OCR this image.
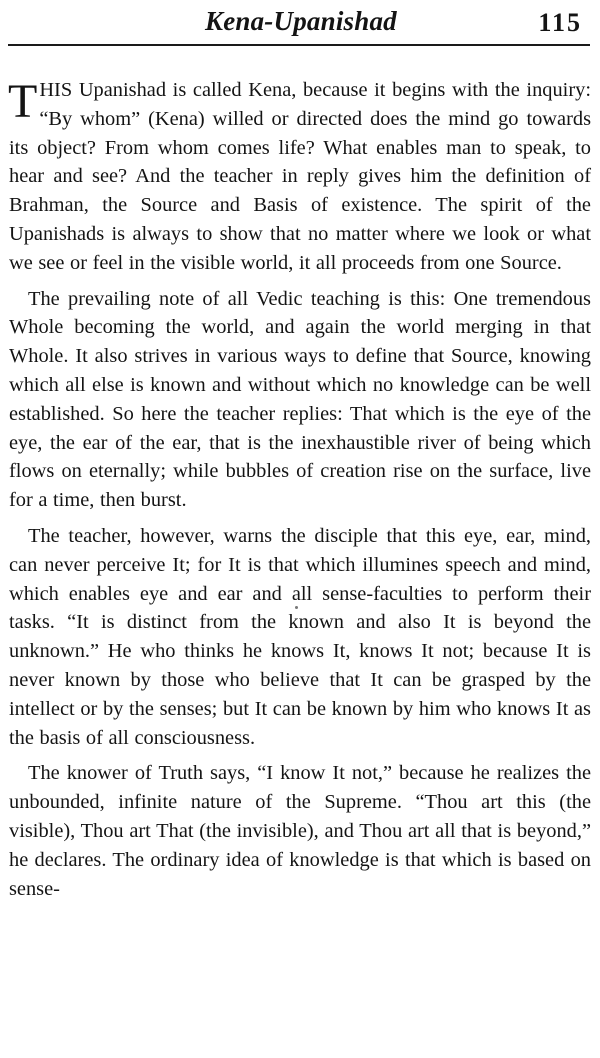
Kena-Upanishad	115

THIS Upanishad is called Kena, because it begins with the inquiry: “By whom” (Kena) willed or directed does the mind go towards its object? From whom comes life? What enables man to speak, to hear and see? And the teacher in reply gives him the definition of Brahman, the Source and Basis of existence. The spirit of the Upanishads is always to show that no matter where we look or what we see or feel in the visible world, it all proceeds from one Source.

The prevailing note of all Vedic teaching is this: One tremendous Whole becoming the world, and again the world merging in that Whole. It also strives in various ways to define that Source, knowing which all else is known and without which no knowledge can be well established. So here the teacher replies: That which is the eye of the eye, the ear of the ear, that is the inexhaustible river of being which flows on eternally; while bubbles of creation rise on the surface, live for a time, then burst.

The teacher, however, warns the disciple that this eye, ear, mind, can never perceive It; for It is that which illumines speech and mind, which enables eye and ear and all sense-faculties to perform their tasks. “It is distinct from the known and also It is beyond the unknown.” He who thinks he knows It, knows It not; because It is never known by those who believe that It can be grasped by the intellect or by the senses; but It can be known by him who knows It as the basis of all consciousness.

The knower of Truth says, “I know It not,” because he realizes the unbounded, infinite nature of the Supreme. “Thou art this (the visible), Thou art That (the invisible), and Thou art all that is beyond,” he declares. The ordinary idea of knowledge is that which is based on sense-
